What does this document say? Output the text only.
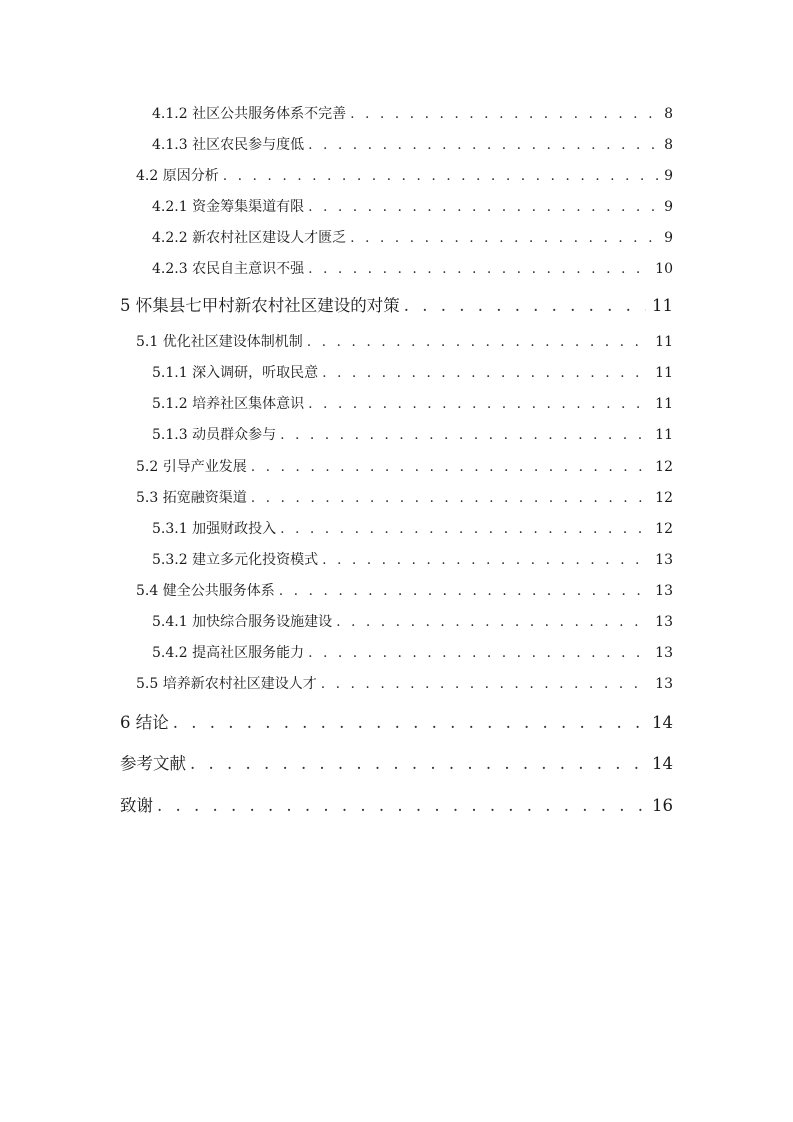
4.1.2 社区公共服务体系不完善 . . .	8
4.1.3 社区农民参与度低 . . .	8
4.2 原因分析 . . .	9
4.2.1 资金筹集渠道有限 . . .	9
4.2.2 新农村社区建设人才匮乏 . . .	9
4.2.3 农民自主意识不强 . . .	10
5 怀集县七甲村新农村社区建设的对策 . . .	11
5.1 优化社区建设体制机制 . . .	11
5.1.1 深入调研，听取民意 . . .	11
5.1.2 培养社区集体意识 . . .	11
5.1.3 动员群众参与 . . .	11
5.2 引导产业发展 . . .	12
5.3 拓宽融资渠道 . . .	12
5.3.1 加强财政投入 . . .	12
5.3.2 建立多元化投资模式 . . .	13
5.4 健全公共服务体系 . . .	13
5.4.1 加快综合服务设施建设 . . .	13
5.4.2 提高社区服务能力 . . .	13
5.5 培养新农村社区建设人才 . . .	13
6 结论 . . .	14
参考文献 . . .	14
致谢 . . .	16
